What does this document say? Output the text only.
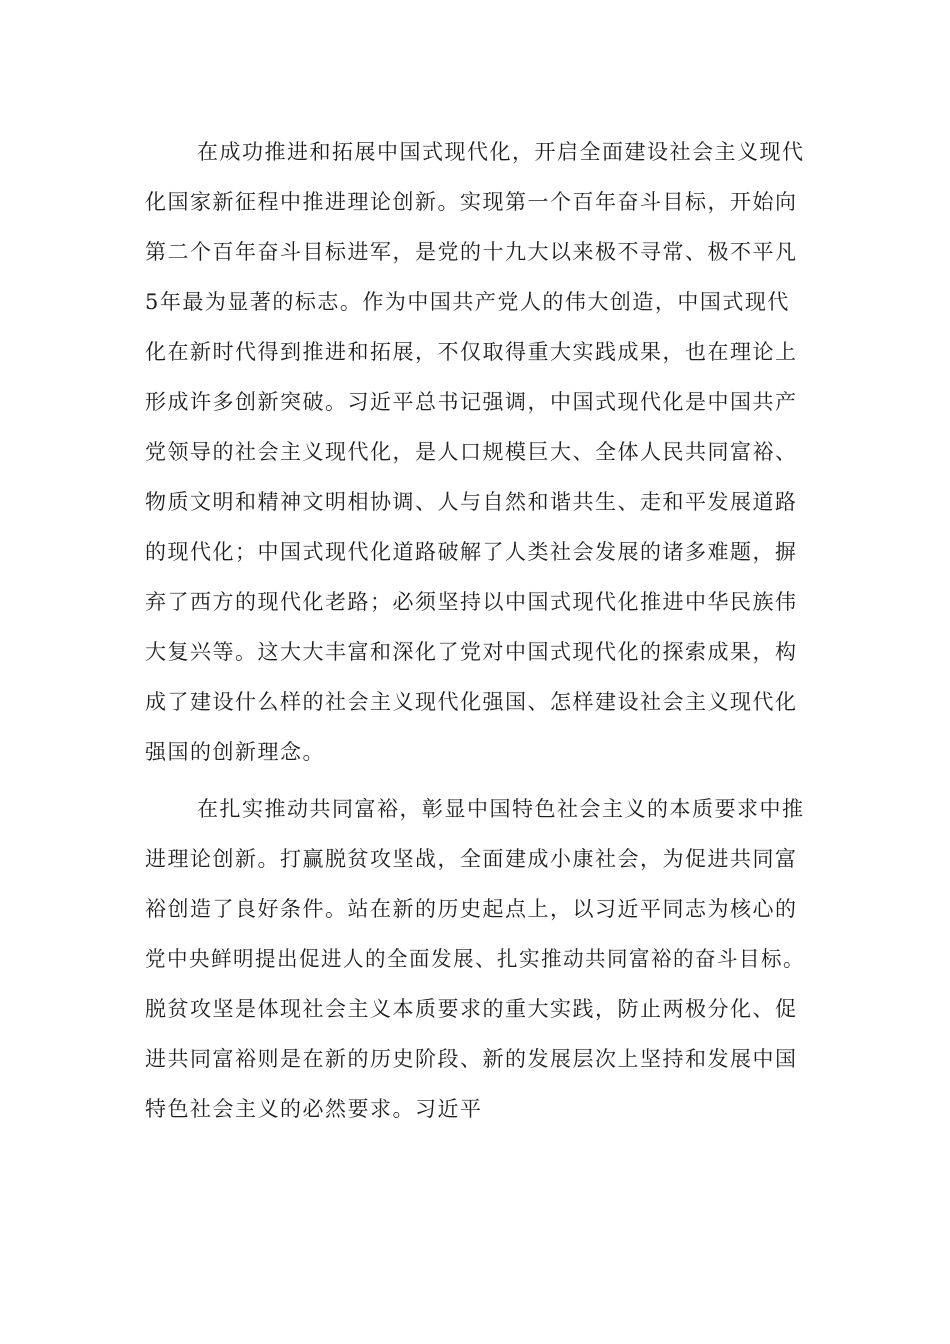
在成功推进和拓展中国式现代化，开启全面建设社会主义现代
化国家新征程中推进理论创新。实现第一个百年奋斗目标，开始向
第二个百年奋斗目标进军，是党的十九大以来极不寻常、极不平凡
5年最为显著的标志。作为中国共产党人的伟大创造，中国式现代
化在新时代得到推进和拓展，不仅取得重大实践成果，也在理论上
形成许多创新突破。习近平总书记强调，中国式现代化是中国共产
党领导的社会主义现代化，是人口规模巨大、全体人民共同富裕、
物质文明和精神文明相协调、人与自然和谐共生、走和平发展道路
的现代化；中国式现代化道路破解了人类社会发展的诸多难题，摒
弃了西方的现代化老路；必须坚持以中国式现代化推进中华民族伟
大复兴等。这大大丰富和深化了党对中国式现代化的探索成果，构
成了建设什么样的社会主义现代化强国、怎样建设社会主义现代化
强国的创新理念。
在扎实推动共同富裕，彰显中国特色社会主义的本质要求中推
进理论创新。打赢脱贫攻坚战，全面建成小康社会，为促进共同富
裕创造了良好条件。站在新的历史起点上，以习近平同志为核心的
党中央鲜明提出促进人的全面发展、扎实推动共同富裕的奋斗目标。
脱贫攻坚是体现社会主义本质要求的重大实践，防止两极分化、促
进共同富裕则是在新的历史阶段、新的发展层次上坚持和发展中国
特色社会主义的必然要求。习近平
